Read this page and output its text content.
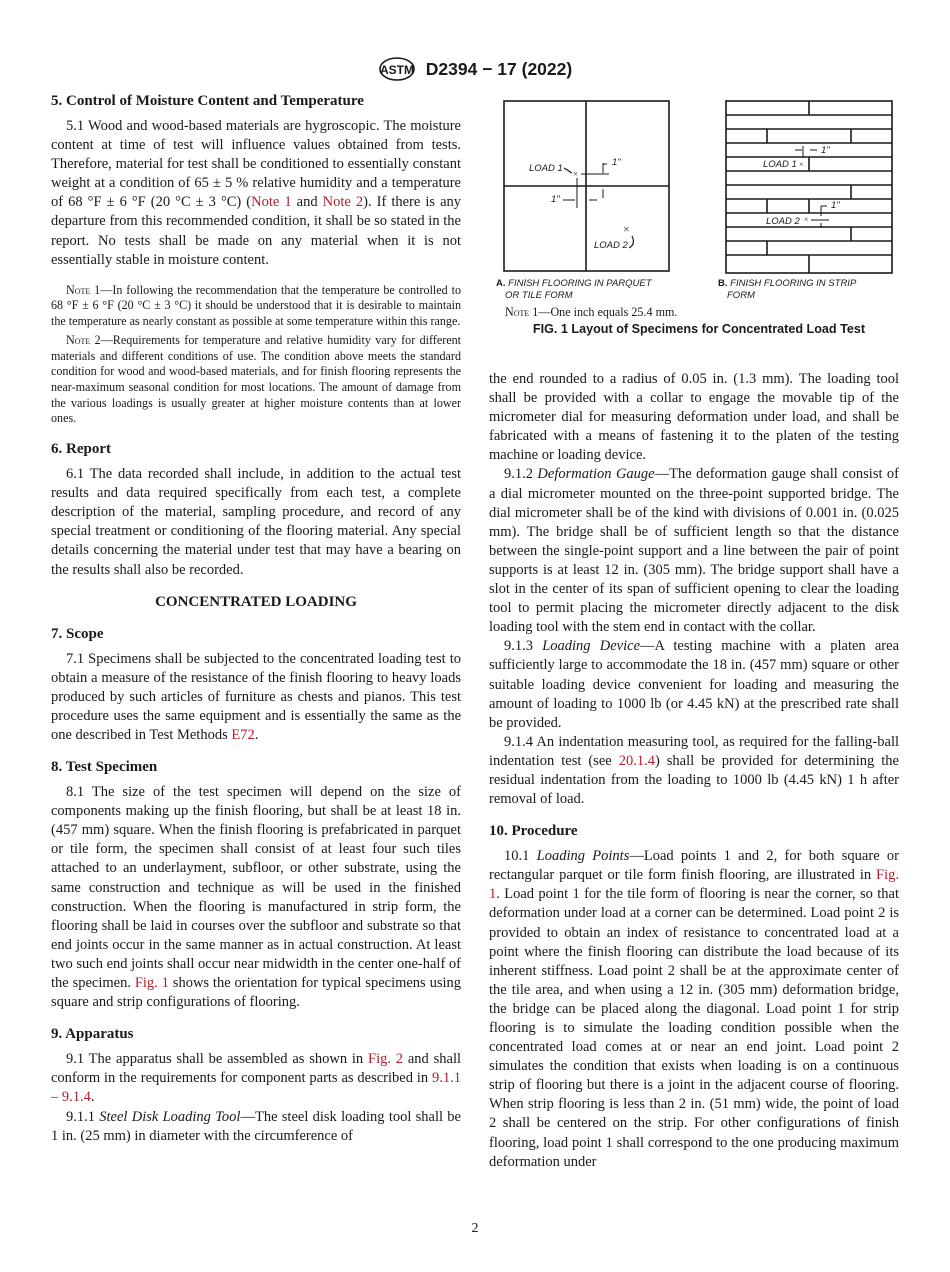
ASTM D2394 − 17 (2022)
5. Control of Moisture Content and Temperature

5.1 Wood and wood-based materials are hygroscopic. The moisture content at time of test will influence values obtained from tests. Therefore, material for test shall be conditioned to essentially constant weight at a condition of 65 ± 5 % relative humidity and a temperature of 68 °F ± 6 °F (20 °C ± 3 °C) (Note 1 and Note 2). If there is any departure from this recommended condition, it shall be so stated in the report. No tests shall be made on any material when it is not essentially stable in moisture content.

Note 1—In following the recommendation that the temperature be controlled to 68 °F ± 6 °F (20 °C ± 3 °C) it should be understood that it is desirable to maintain the temperature as nearly constant as possible at some temperature within this range.

Note 2—Requirements for temperature and relative humidity vary for different materials and different conditions of use. The condition above meets the standard condition for wood and wood-based materials, and for finish flooring represents the near-maximum seasonal condition for most locations. The amount of damage from the various loadings is usually greater at higher moisture contents than at lower ones.

6. Report

6.1 The data recorded shall include, in addition to the actual test results and data required specifically from each test, a complete description of the material, sampling procedure, and record of any special treatment or conditioning of the flooring material. Any special details concerning the material under test that may have a bearing on the results shall also be recorded.

CONCENTRATED LOADING
7. Scope

7.1 Specimens shall be subjected to the concentrated loading test to obtain a measure of the resistance of the finish flooring to heavy loads produced by such articles of furniture as chests and pianos. This test procedure uses the same equipment and is essentially the same as the one described in Test Methods E72.

8. Test Specimen

8.1 The size of the test specimen will depend on the size of components making up the finish flooring, but shall be at least 18 in. (457 mm) square. When the finish flooring is prefabricated in parquet or tile form, the specimen shall consist of at least four such tiles attached to an underlayment, subfloor, or other substrate, using the same construction and technique as will be used in the finished construction. When the flooring is manufactured in strip form, the flooring shall be laid in courses over the subfloor and substrate so that end joints occur in the same manner as in actual construction. At least two such end joints shall occur near midwidth in the center one-half of the specimen. Fig. 1 shows the orientation for typical specimens using square and strip configurations of flooring.

9. Apparatus

9.1 The apparatus shall be assembled as shown in Fig. 2 and shall conform in the requirements for component parts as described in 9.1.1 – 9.1.4.

9.1.1 Steel Disk Loading Tool—The steel disk loading tool shall be 1 in. (25 mm) in diameter with the circumference of

LOAD 1 ×
1"
1"
×
LOAD 2
A. FINISH FLOORING IN PARQUET
OR TILE FORM
1"
LOAD 1 ×
1"
LOAD 2 ×
B. FINISH FLOORING IN STRIP
FORM

Note 1—One inch equals 25.4 mm.

FIG. 1 Layout of Specimens for Concentrated Load Test

the end rounded to a radius of 0.05 in. (1.3 mm). The loading tool shall be provided with a collar to engage the movable tip of the micrometer dial for measuring deformation under load, and shall be fabricated with a means of fastening it to the platen of the testing machine or loading device.

9.1.2 Deformation Gauge—The deformation gauge shall consist of a dial micrometer mounted on the three-point supported bridge. The dial micrometer shall be of the kind with divisions of 0.001 in. (0.025 mm). The bridge shall be of sufficient length so that the distance between the single-point support and a line between the pair of point supports is at least 12 in. (305 mm). The bridge support shall have a slot in the center of its span of sufficient opening to clear the loading tool to permit placing the micrometer directly adjacent to the disk loading tool with the stem end in contact with the collar.

9.1.3 Loading Device—A testing machine with a platen area sufficiently large to accommodate the 18 in. (457 mm) square or other suitable loading device convenient for loading and measuring the amount of loading to 1000 lb (or 4.45 kN) at the prescribed rate shall be provided.

9.1.4 An indentation measuring tool, as required for the falling-ball indentation test (see 20.1.4) shall be provided for determining the residual indentation from the loading to 1000 lb (4.45 kN) 1 h after removal of load.

10. Procedure

10.1 Loading Points—Load points 1 and 2, for both square or rectangular parquet or tile form finish flooring, are illustrated in Fig. 1. Load point 1 for the tile form of flooring is near the corner, so that deformation under load at a corner can be determined. Load point 2 is provided to obtain an index of resistance to concentrated load at a point where the finish flooring can distribute the load because of its inherent stiffness. Load point 2 shall be at the approximate center of the tile area, and when using a 12 in. (305 mm) deformation bridge, the bridge can be placed along the diagonal. Load point 1 for strip flooring is to simulate the loading condition possible when the concentrated load comes at or near an end joint. Load point 2 simulates the condition that exists when loading is on a continuous strip of flooring but there is a joint in the adjacent course of flooring. When strip flooring is less than 2 in. (51 mm) wide, the point of load 2 shall be centered on the strip. For other configurations of finish flooring, load point 1 shall correspond to the one producing maximum deformation under

2
